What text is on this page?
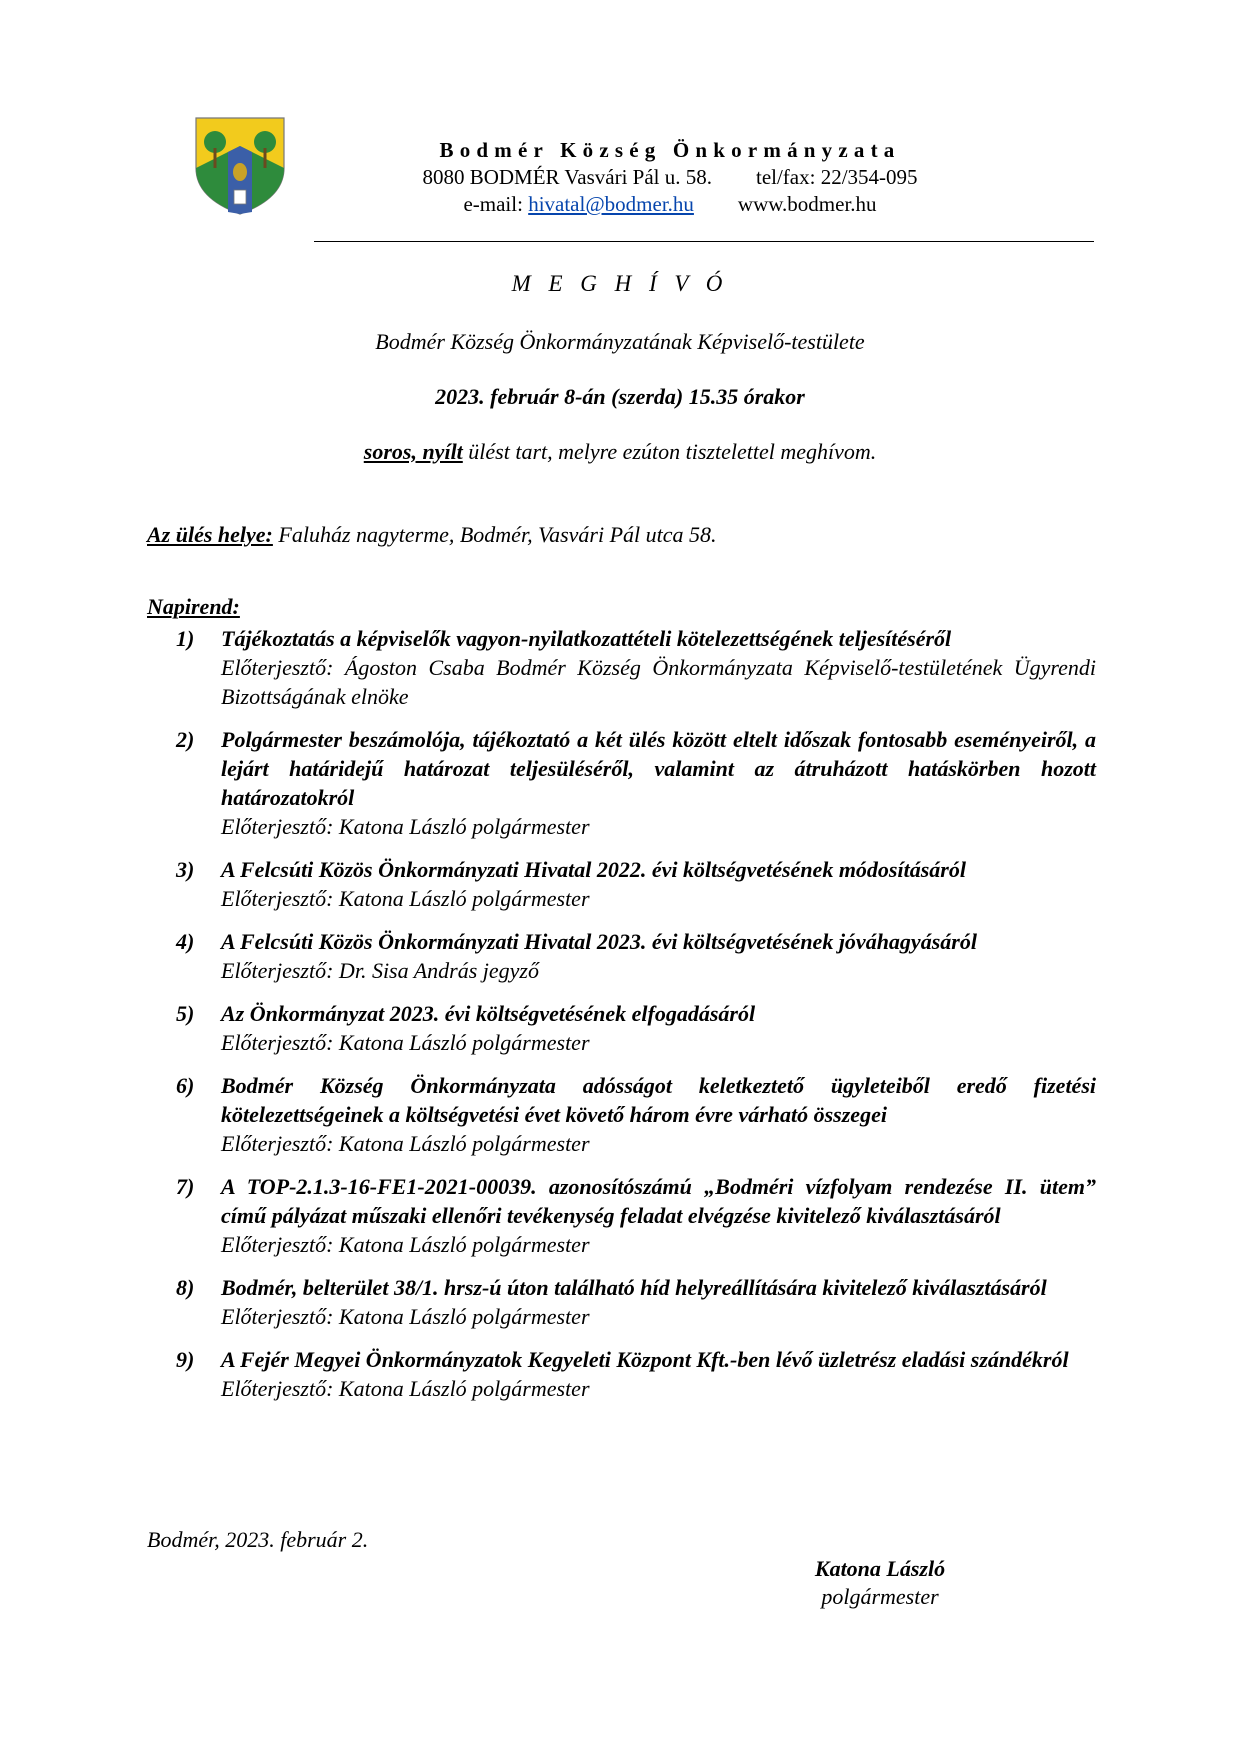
Bodmér Község Önkormányzata
8080 BODMÉR Vasvári Pál u. 58. tel/fax: 22/354-095
e-mail: hivatal@bodmer.hu www.bodmer.hu
M E G H Í V Ó
Bodmér Község Önkormányzatának Képviselő-testülete
2023. február 8-án (szerda) 15.35 órakor
soros, nyílt ülést tart, melyre ezúton tisztelettel meghívom.
Az ülés helye: Faluház nagyterme, Bodmér, Vasvári Pál utca 58.
Napirend:
1)	Tájékoztatás a képviselők vagyon-nyilatkozattételi kötelezettségének teljesítéséről
Előterjesztő: Ágoston Csaba Bodmér Község Önkormányzata Képviselő-testületének Ügyrendi Bizottságának elnöke
2)	Polgármester beszámolója, tájékoztató a két ülés között eltelt időszak fontosabb eseményeiről, a lejárt határidejű határozat teljesüléséről, valamint az átruházott hatáskörben hozott határozatokról
Előterjesztő: Katona László polgármester
3)	A Felcsúti Közös Önkormányzati Hivatal 2022. évi költségvetésének módosításáról
Előterjesztő: Katona László polgármester
4)	A Felcsúti Közös Önkormányzati Hivatal 2023. évi költségvetésének jóváhagyásáról
Előterjesztő: Dr. Sisa András jegyző
5)	Az Önkormányzat 2023. évi költségvetésének elfogadásáról
Előterjesztő: Katona László polgármester
6)	Bodmér Község Önkormányzata adósságot keletkeztető ügyleteiből eredő fizetési kötelezettségeinek a költségvetési évet követő három évre várható összegei
Előterjesztő: Katona László polgármester
7)	A TOP-2.1.3-16-FE1-2021-00039. azonosítószámú „Bodméri vízfolyam rendezése II. ütem” című pályázat műszaki ellenőri tevékenység feladat elvégzése kivitelező kiválasztásáról
Előterjesztő: Katona László polgármester
8)	Bodmér, belterület 38/1. hrsz-ú úton található híd helyreállítására kivitelező kiválasztásáról
Előterjesztő: Katona László polgármester
9)	A Fejér Megyei Önkormányzatok Kegyeleti Központ Kft.-ben lévő üzletrész eladási szándékról
Előterjesztő: Katona László polgármester
Bodmér, 2023. február 2.
Katona László
polgármester
